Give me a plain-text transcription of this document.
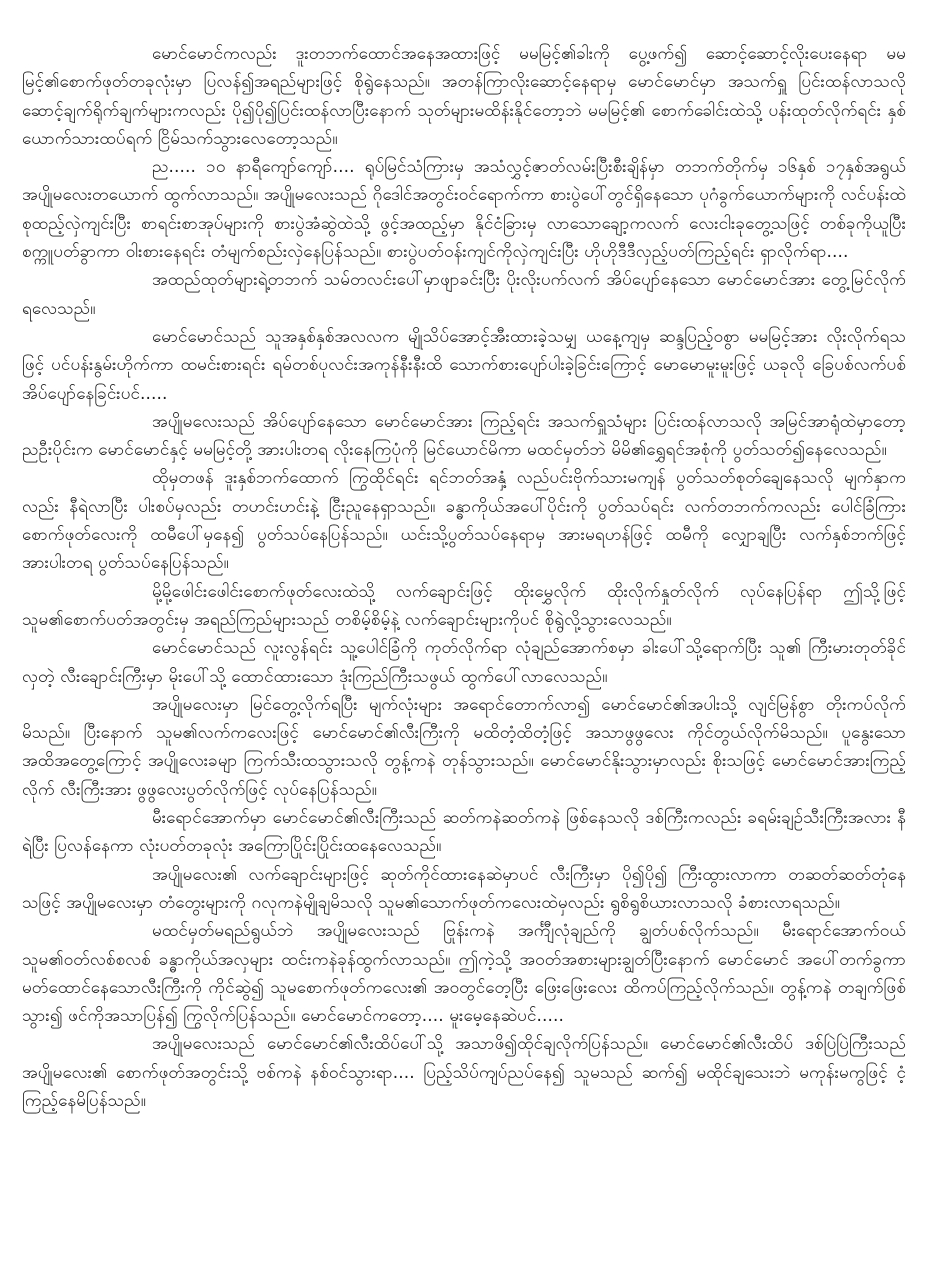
မောင်မောင်ကလည်း ဒူးတဘက်ထောင်အနေအထားဖြင့် မမမြင့်၏ခါးကို ပွေ့ဖက်၍ ဆောင့်ဆောင့်လိုးပေးနေရာ မမမြင့်၏စောက်ဖုတ်တခုလုံးမှာ ပြလန်၍အရည်များဖြင့် စိုရွဲနေသည်။ အတန်ကြာလိုးဆောင့်နေရာမှ မောင်မောင်မှာ အသက်ရှူ ပြင်းထန်လာသလို ဆောင့်ချက်ရိုက်ချက်များကလည်း ပို၍ပို၍ပြင်းထန်လာပြီးနောက် သုတ်များမထိန်းနိုင်တော့ဘဲ မမမြင့်၏ စောက်ခေါင်းထဲသို့ ပန်းထုတ်လိုက်ရင်း နှစ်ယောက်သားထပ်ရက် ငြိမ်သက်သွားလေတော့သည်။

ည..... ၁၀ နာရီကျော်ကျော်.... ရုပ်မြင်သံကြားမှ အသံလွှင့်ဇာတ်လမ်းပြီးစီးချိန်မှာ တဘက်တိုက်မှ ၁၆နှစ် ၁၇နှစ်အရွယ် အပျိုမလေးတယောက် ထွက်လာသည်။ အပျိုမလေးသည် ဂိုဒေါင်အတွင်းဝင်ရောက်ကာ စားပွဲပေါ်တွင်ရှိနေသော ပုဂံခွက်ယောက်များကို လင်ပန်းထဲစုထည့်လှဲကျင်းပြီး စာရင်းစာအုပ်များကို စားပွဲအံဆွဲထဲသို့ ဖွင့်အထည့်မှာ နိုင်ငံခြားမှ လာသောချော့ကလက် လေးငါးခုတွေ့သဖြင့် တစ်ခုကိုယူပြီး စက္ကူပတ်ခွာကာ ဝါးစားနေရင်း တံမျက်စည်းလှဲနေပြန်သည်။ စားပွဲပတ်ဝန်းကျင်ကိုလှဲကျင်းပြီး ဟိုဟိုဒီဒီလှည့်ပတ်ကြည့်ရင်း ရှာလိုက်ရာ....

အထည်ထုတ်များရဲ့တဘက် သမ်တလင်းပေါ်မှာဖျာခင်းပြီး ပိုးလိုးပက်လက် အိပ်ပျော်နေသော မောင်မောင်အား တွေ့မြင်လိုက်ရလေသည်။

မောင်မောင်သည် သူအနှစ်နှစ်အလလက မျိုသိပ်အောင့်အီးထားခဲ့သမျှ ယနေ့ကျမှ ဆန္ဒပြည့်ဝစွာ မမမြင့်အား လိုးလိုက်ရသဖြင့် ပင်ပန်းနွမ်းဟိုက်ကာ ထမင်းစားရင်း ရမ်တစ်ပုလင်းအကုန်နီးနီးထိ သောက်စားပျော်ပါးခဲ့ခြင်းကြောင့် မောမောမူးမူးဖြင့် ယခုလို ခြေပစ်လက်ပစ် အိပ်ပျော်နေခြင်းပင်.....

အပျိုမလေးသည် အိပ်ပျော်နေသော မောင်မောင်အား ကြည့်ရင်း အသက်ရှူသံများ ပြင်းထန်လာသလို အမြင်အာရုံထဲမှာတော့ ညဦးပိုင်းက မောင်မောင်နှင့် မမမြင့်တို့ အားပါးတရ လိုးနေကြပုံကို မြင်ယောင်မိကာ မထင်မှတ်ဘဲ မိမိ၏ရွှေရင်အစုံကို ပွတ်သတ်၍နေလေသည်။

ထိုမှတဖန် ဒူးနှစ်ဘက်ထောက် ကြွထိုင်ရင်း ရင်ဘတ်အနှံ့ လည်ပင်းဗိုက်သားမကျန် ပွတ်သတ်စုတ်ချေနေသလို မျက်နှာကလည်း နီရဲလာပြီး ပါးစပ်မှလည်း တဟင်းဟင်းနဲ့ ငြီးညူနေရှာသည်။ ခန္ဓာကိုယ်အပေါ်ပိုင်းကို ပွတ်သပ်ရင်း လက်တဘက်ကလည်း ပေါင်ခြံကြား စောက်ဖုတ်လေးကို ထမီပေါ်မှနေ၍ ပွတ်သပ်နေပြန်သည်။ ယင်းသို့ပွတ်သပ်နေရာမှ အားမရဟန်ဖြင့် ထမီကို လျှောချပြီး လက်နှစ်ဘက်ဖြင့် အားပါးတရ ပွတ်သပ်နေပြန်သည်။

မို့မို့ဖေါင်းဖေါင်းစောက်ဖုတ်လေးထဲသို့ လက်ချောင်းဖြင့် ထိုးမွှေလိုက် ထိုးလိုက်နှုတ်လိုက် လုပ်နေပြန်ရာ ဤသို့ဖြင့် သူမ၏စောက်ပတ်အတွင်းမှ အရည်ကြည်များသည် တစိမ့်စိမ့်နဲ့ လက်ချောင်းများကိုပင် စိုရွဲလို့သွားလေသည်။

မောင်မောင်သည် လူးလွန်ရင်း သူ့ပေါင်ခြံကို ကုတ်လိုက်ရာ လုံချည်အောက်စမှာ ခါးပေါ်သို့ရောက်ပြီး သူ၏ ကြီးမားတုတ်ခိုင်လှတဲ့ လီးချောင်းကြီးမှာ မိုးပေါ်သို့ ထောင်ထားသော ဒုံးကြည်ကြီးသဖွယ် ထွက်ပေါ်လာလေသည်။

အပျိုမလေးမှာ မြင်တွေ့လိုက်ရပြီး မျက်လုံးများ အရောင်တောက်လာ၍ မောင်မောင်၏အပါးသို့ လျင်မြန်စွာ တိုးကပ်လိုက်မိသည်။ ပြီးနောက် သူမ၏လက်ကလေးဖြင့် မောင်မောင်၏လီးကြီးကို မထိတံ့ထိတံ့ဖြင့် အသာဖွဖွလေး ကိုင်တွယ်လိုက်မိသည်။ ပူနွေးသောအထိအတွေ့ကြောင့် အပျိုလေးခမျာ ကြက်သီးထသွားသလို တွန့်ကနဲ တုန်သွားသည်။ မောင်မောင်နိုးသွားမှာလည်း စိုးသဖြင့် မောင်မောင်အားကြည့်လိုက် လီးကြီးအား ဖွဖွလေးပွတ်လိုက်ဖြင့် လုပ်နေပြန်သည်။

မီးရောင်အောက်မှာ မောင်မောင်၏လီးကြီးသည် ဆတ်ကနဲဆတ်ကနဲ ဖြစ်နေသလို ဒစ်ကြီးကလည်း ခရမ်းချဉ်သီးကြီးအလား နီရဲပြီး ပြလန်နေကာ လုံးပတ်တခုလုံး အကြောပြိုင်းပြိုင်းထနေလေသည်။

အပျိုမလေး၏ လက်ချောင်းများဖြင့် ဆုတ်ကိုင်ထားနေဆဲမှာပင် လီးကြီးမှာ ပို၍ပို၍ ကြီးထွားလာကာ တဆတ်ဆတ်တုံနေသဖြင့် အပျိုမလေးမှာ တံတွေးများကို ဂလုကနဲမျိုချမိသလို သူမ၏သောက်ဖုတ်ကလေးထဲမှလည်း ရွစိရွစိယားလာသလို ခံစားလာရသည်။

မထင်မှတ်မရည်ရွယ်ဘဲ အပျိုမလေးသည် ဗြုန်းကနဲ အင်္ကျီလုံချည်ကို ချွတ်ပစ်လိုက်သည်။ မီးရောင်အောက်ဝယ် သူမ၏ဝတ်လစ်စလစ် ခန္ဓာကိုယ်အလှများ ထင်းကနဲခုန်ထွက်လာသည်။ ဤကဲ့သို့ အဝတ်အစားများချွတ်ပြီးနောက် မောင်မောင် အပေါ်တက်ခွကာ မတ်ထောင်နေသောလီးကြီးကို ကိုင်ဆွဲ၍ သူမစောက်ဖုတ်ကလေး၏ အဝတွင်တေ့ပြီး ဖြေးဖြေးလေး ထိကပ်ကြည့်လိုက်သည်။ တွန့်ကနဲ တချက်ဖြစ်သွား၍ ဖင်ကိုအသာပြန်၍ ကြွလိုက်ပြန်သည်။ မောင်မောင်ကတော့.... မူးမေ့နေဆဲပင်.....

အပျိုမလေးသည် မောင်မောင်၏လီးထိပ်ပေါ်သို့ အသာဖိ၍ထိုင်ချလိုက်ပြန်သည်။ မောင်မောင်၏လီးထိပ် ဒစ်ပြဲပြဲကြီးသည် အပျိုမလေး၏ စောက်ဖုတ်အတွင်းသို့ ဗစ်ကနဲ နစ်ဝင်သွားရာ.... ပြည့်သိပ်ကျပ်ညပ်နေ၍ သူမသည် ဆက်၍ မထိုင်ချသေးဘဲ မကုန်းမကွဖြင့် ငံ့ကြည့်နေမိပြန်သည်။
